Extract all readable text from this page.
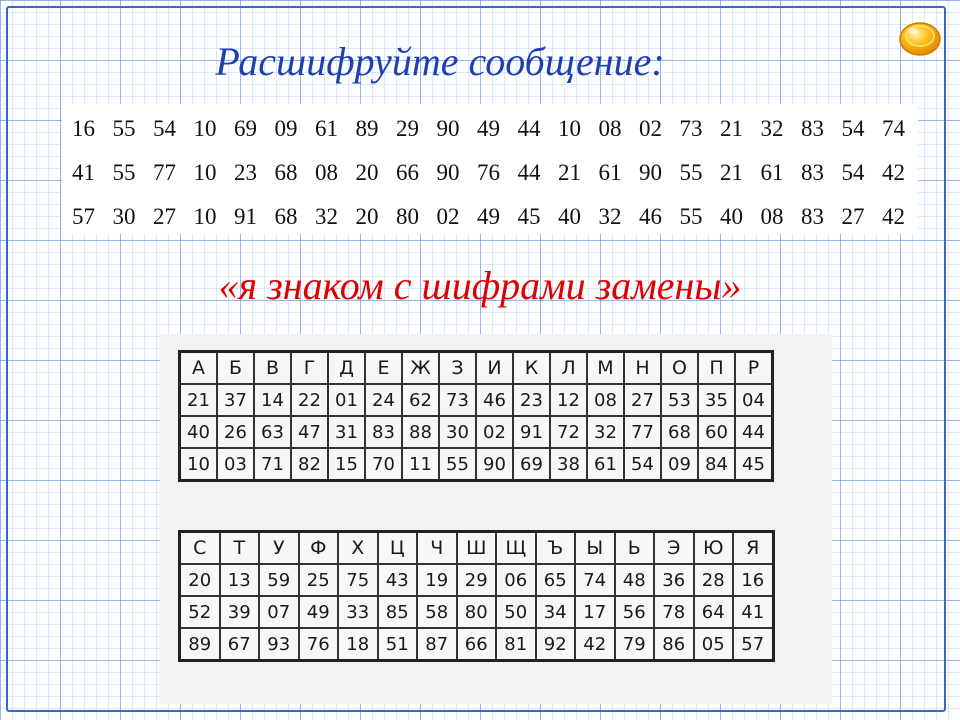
Расшифруйте сообщение:
16 55 54 10 69 09 61 89 29 90 49 44 10 08 02 73 21 32 83 54 74
41 55 77 10 23 68 08 20 66 90 76 44 21 61 90 55 21 61 83 54 42
57 30 27 10 91 68 32 20 80 02 49 45 40 32 46 55 40 08 83 27 42
«я знаком с шифрами замены»
А	Б	В	Г	Д	Е	Ж	З	И	К	Л	М	Н	О	П	Р
21	37	14	22	01	24	62	73	46	23	12	08	27	53	35	04
40	26	63	47	31	83	88	30	02	91	72	32	77	68	60	44
10	03	71	82	15	70	11	55	90	69	38	61	54	09	84	45
С	Т	У	Ф	Х	Ц	Ч	Ш	Щ	Ъ	Ы	Ь	Э	Ю	Я
20	13	59	25	75	43	19	29	06	65	74	48	36	28	16
52	39	07	49	33	85	58	80	50	34	17	56	78	64	41
89	67	93	76	18	51	87	66	81	92	42	79	86	05	57
